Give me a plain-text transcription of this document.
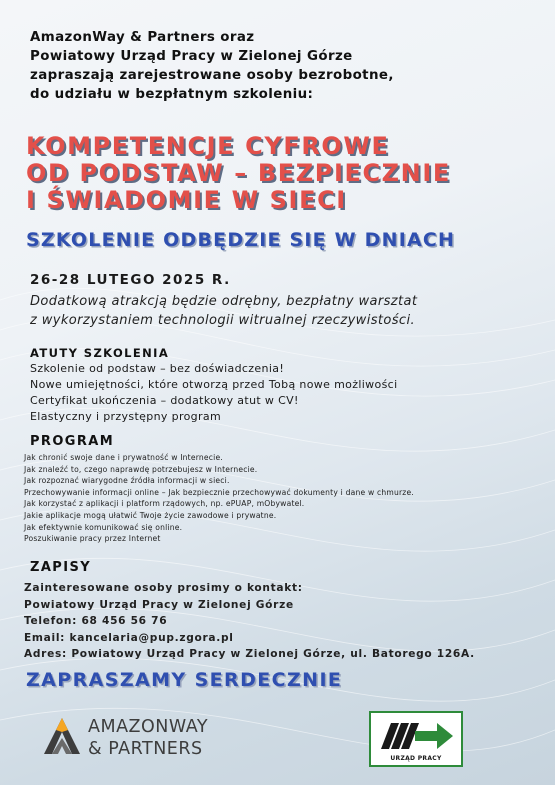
AmazonWay & Partners oraz
Powiatowy Urząd Pracy w Zielonej Górze
zapraszają zarejestrowane osoby bezrobotne,
do udziału w bezpłatnym szkoleniu:
KOMPETENCJE CYFROWE
OD PODSTAW – BEZPIECZNIE
I ŚWIADOMIE W SIECI
SZKOLENIE ODBĘDZIE SIĘ W DNIACH
26-28 LUTEGO 2025 R.
Dodatkową atrakcją będzie odrębny, bezpłatny warsztat
z wykorzystaniem technologii witrualnej rzeczywistości.
ATUTY SZKOLENIA
Szkolenie od podstaw – bez doświadczenia!
Nowe umiejętności, które otworzą przed Tobą nowe możliwości
Certyfikat ukończenia – dodatkowy atut w CV!
Elastyczny i przystępny program
PROGRAM
Jak chronić swoje dane i prywatność w Internecie.
Jak znaleźć to, czego naprawdę potrzebujesz w Internecie.
Jak rozpoznać wiarygodne źródła informacji w sieci.
Przechowywanie informacji online – Jak bezpiecznie przechowywać dokumenty i dane w chmurze.
Jak korzystać z aplikacji i platform rządowych, np. ePUAP, mObywatel.
Jakie aplikacje mogą ułatwić Twoje życie zawodowe i prywatne.
Jak efektywnie komunikować się online.
Poszukiwanie pracy przez Internet
ZAPISY
Zainteresowane osoby prosimy o kontakt:
Powiatowy Urząd Pracy w Zielonej Górze
Telefon: 68 456 56 76
Email: kancelaria@pup.zgora.pl
Adres: Powiatowy Urząd Pracy w Zielonej Górze, ul. Batorego 126A.
ZAPRASZAMY SERDECZNIE
AMAZONWAY
& PARTNERS	URZĄD PRACY
